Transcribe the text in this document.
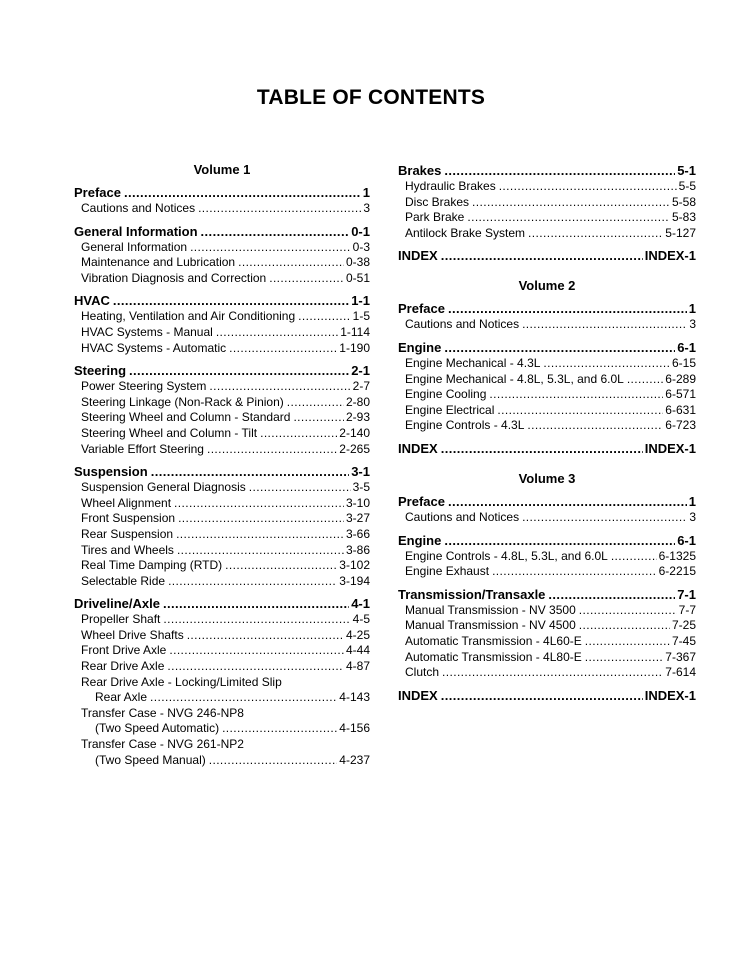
TABLE OF CONTENTS
Volume 1
Preface .....	1
Cautions and Notices .....	3
General Information .....	0-1
General Information .....	0-3
Maintenance and Lubrication .....	0-38
Vibration Diagnosis and Correction .....	0-51
HVAC .....	1-1
Heating, Ventilation and Air Conditioning .....	1-5
HVAC Systems - Manual .....	1-114
HVAC Systems - Automatic .....	1-190
Steering .....	2-1
Power Steering System .....	2-7
Steering Linkage (Non-Rack & Pinion) .....	2-80
Steering Wheel and Column - Standard .....	2-93
Steering Wheel and Column - Tilt .....	2-140
Variable Effort Steering .....	2-265
Suspension .....	3-1
Suspension General Diagnosis .....	3-5
Wheel Alignment .....	3-10
Front Suspension .....	3-27
Rear Suspension .....	3-66
Tires and Wheels .....	3-86
Real Time Damping (RTD) .....	3-102
Selectable Ride .....	3-194
Driveline/Axle .....	4-1
Propeller Shaft .....	4-5
Wheel Drive Shafts .....	4-25
Front Drive Axle .....	4-44
Rear Drive Axle .....	4-87
Rear Drive Axle - Locking/Limited Slip
Rear Axle .....	4-143
Transfer Case - NVG 246-NP8
(Two Speed Automatic) .....	4-156
Transfer Case - NVG 261-NP2
(Two Speed Manual) .....	4-237
Brakes .....	5-1
Hydraulic Brakes .....	5-5
Disc Brakes .....	5-58
Park Brake .....	5-83
Antilock Brake System .....	5-127
INDEX .....	INDEX-1
Volume 2
Preface .....	1
Cautions and Notices .....	3
Engine .....	6-1
Engine Mechanical - 4.3L .....	6-15
Engine Mechanical - 4.8L, 5.3L, and 6.0L .....	6-289
Engine Cooling .....	6-571
Engine Electrical .....	6-631
Engine Controls - 4.3L .....	6-723
INDEX .....	INDEX-1
Volume 3
Preface .....	1
Cautions and Notices .....	3
Engine .....	6-1
Engine Controls - 4.8L, 5.3L, and 6.0L .....	6-1325
Engine Exhaust .....	6-2215
Transmission/Transaxle .....	7-1
Manual Transmission - NV 3500 .....	7-7
Manual Transmission - NV 4500 .....	7-25
Automatic Transmission - 4L60-E .....	7-45
Automatic Transmission - 4L80-E .....	7-367
Clutch .....	7-614
INDEX .....	INDEX-1
